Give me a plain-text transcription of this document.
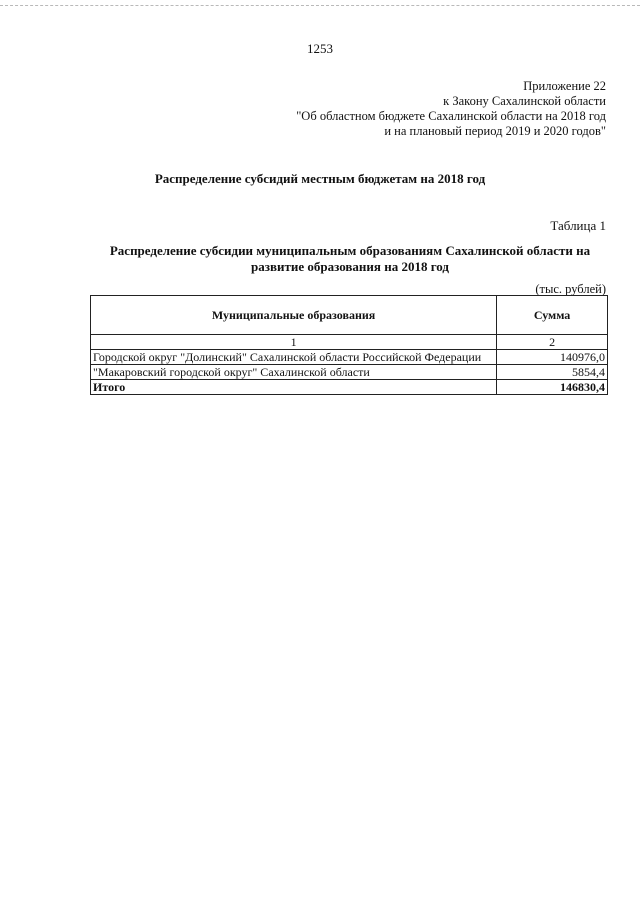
1253
Приложение 22
к Закону Сахалинской области
"Об областном бюджете Сахалинской области на 2018 год
и на плановый период 2019 и 2020 годов"
Распределение субсидий местным бюджетам на 2018 год
Таблица 1
Распределение субсидии муниципальным образованиям Сахалинской области на
развитие образования на 2018 год
(тыс. рублей)
Муниципальные образования	Сумма
1	2
Городской округ "Долинский" Сахалинской области Российской Федерации	140976,0
"Макаровский городской округ" Сахалинской области	5854,4
Итого	146830,4
